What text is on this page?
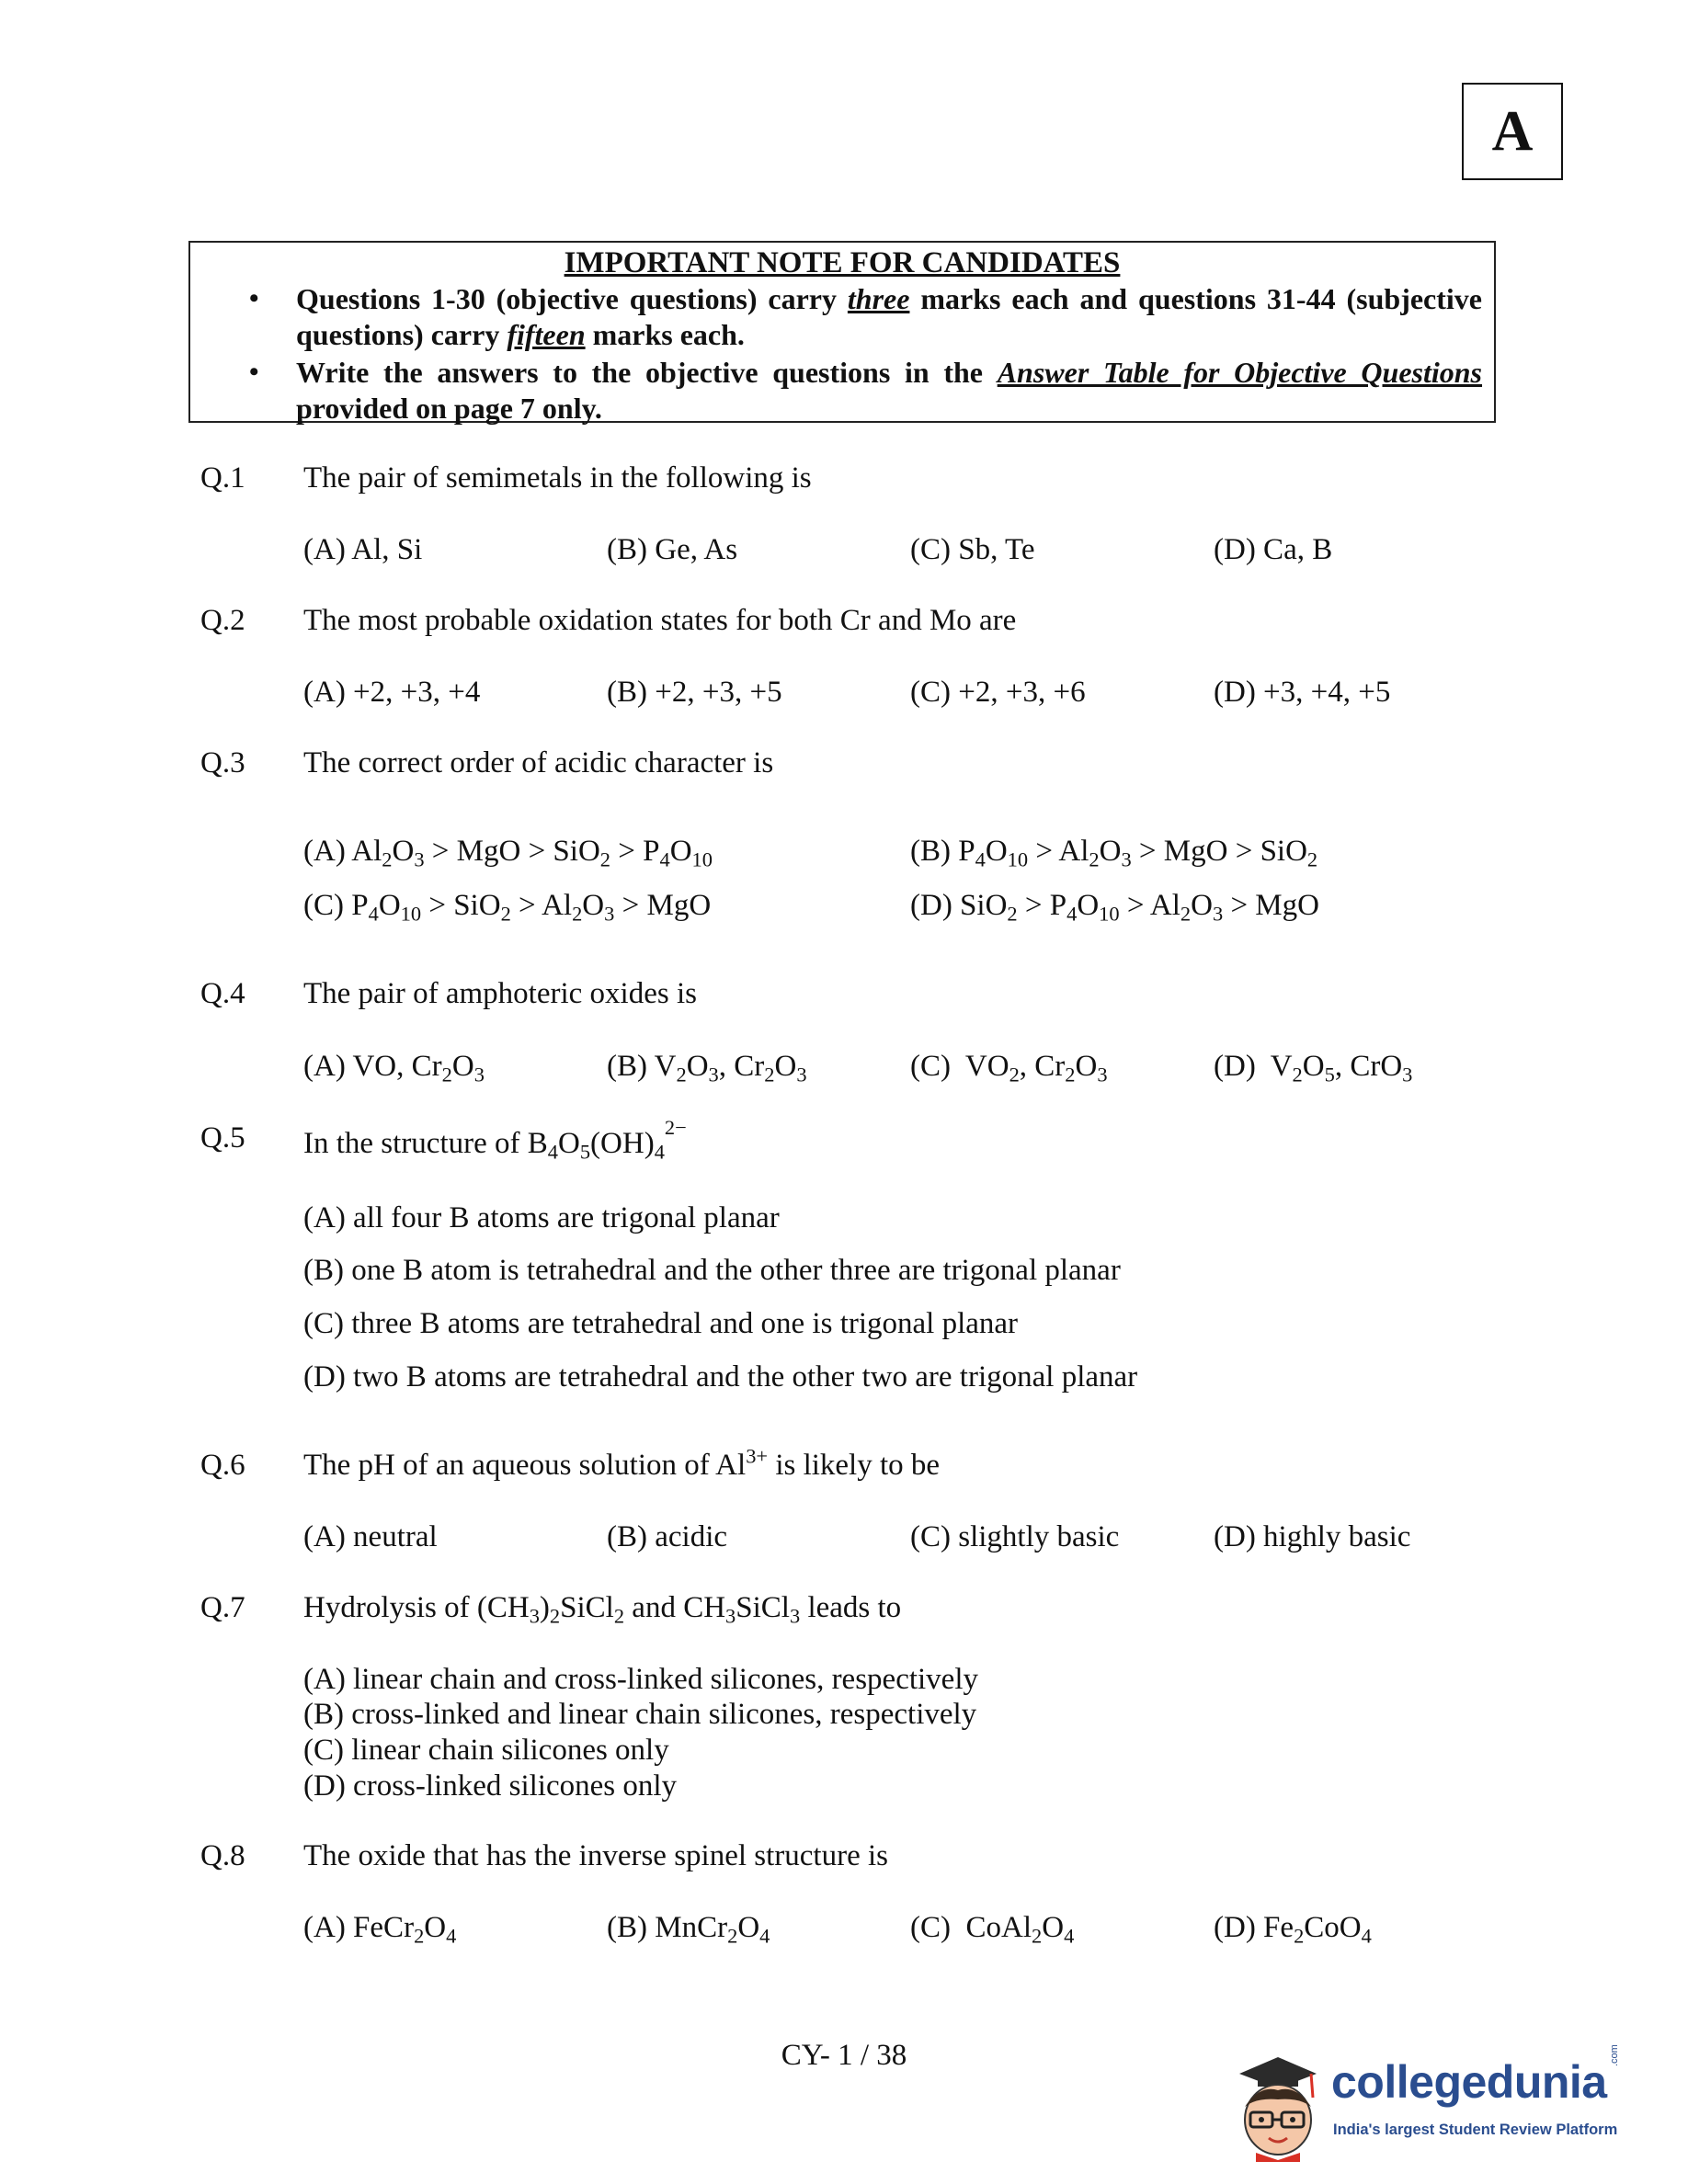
A
IMPORTANT NOTE FOR CANDIDATES
• Questions 1-30 (objective questions) carry three marks each and questions 31-44 (subjective questions) carry fifteen marks each.
• Write the answers to the objective questions in the Answer Table for Objective Questions provided on page 7 only.
Q.1 The pair of semimetals in the following is
(A) Al, Si	(B) Ge, As	(C) Sb, Te	(D) Ca, B
Q.2 The most probable oxidation states for both Cr and Mo are
(A) +2, +3, +4	(B) +2, +3, +5	(C) +2, +3, +6	(D) +3, +4, +5
Q.3 The correct order of acidic character is
(A) $Al_2O_3$ > MgO > $SiO_2 > P_4O_{10}$	(B) $P_4O_{10} > Al_2O_3$ > MgO > SiO$_2$
(C) $P_4O_{10} > SiO_2 > Al_2O_3$ > MgO	(D) $SiO_2 > P_4O_{10} > Al_2O_3$ > MgO
Q.4 The pair of amphoteric oxides is
(A) VO, $Cr_2O_3$	(B) $V_2O_3$, $Cr_2O_3$	(C)  $VO_2$, $Cr_2O_3$	(D)  $V_2O_5$, CrO$_3$
Q.5 In the structure of $B_4O_5(OH)_4^{2-}$
(A) all four B atoms are trigonal planar
(B) one B atom is tetrahedral and the other three are trigonal planar
(C) three B atoms are tetrahedral and one is trigonal planar
(D) two B atoms are tetrahedral and the other two are trigonal planar
Q.6 The pH of an aqueous solution of $Al^{3+}$ is likely to be
(A) neutral	(B) acidic	(C) slightly basic	(D) highly basic
Q.7 Hydrolysis of $(CH_3)_2SiCl_2$ and $CH_3SiCl_3$ leads to
(A) linear chain and cross-linked silicones, respectively
(B) cross-linked and linear chain silicones, respectively
(C) linear chain silicones only
(D) cross-linked silicones only
Q.8 The oxide that has the inverse spinel structure is
(A) $FeCr_2O_4$	(B) $MnCr_2O_4$	(C)  $CoAl_2O_4$	(D) $Fe_2CoO_4$
CY- 1 / 38
collegedunia
.com
India's largest Student Review Platform
